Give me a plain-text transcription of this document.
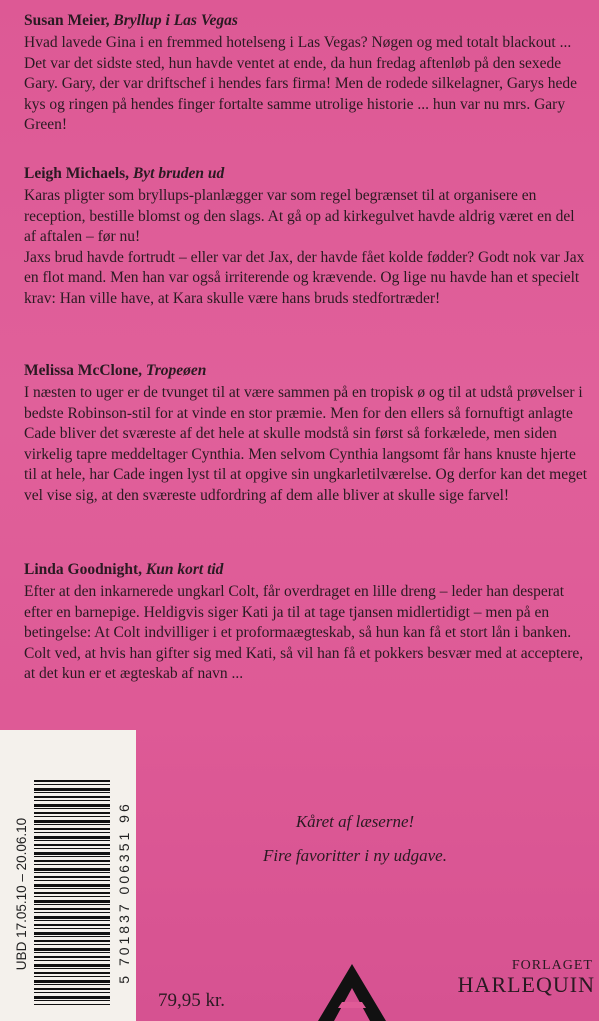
Susan Meier, Bryllup i Las Vegas

Hvad lavede Gina i en fremmed hotelseng i Las Vegas? Nøgen og med totalt blackout ... Det var det sidste sted, hun havde ventet at ende, da hun fredag aftenløb på den sexede Gary. Gary, der var driftschef i hendes fars firma! Men de rodede silkelagner, Garys hede kys og ringen på hendes finger fortalte samme utrolige historie ... hun var nu mrs. Gary Green!

Leigh Michaels, Byt bruden ud

Karas pligter som bryllups-planlægger var som regel begrænset til at organisere en reception, bestille blomst og den slags. At gå op ad kirkegulvet havde aldrig været en del af aftalen – før nu!

Jaxs brud havde fortrudt – eller var det Jax, der havde fået kolde fødder? Godt nok var Jax en flot mand. Men han var også irriterende og krævende. Og lige nu havde han et specielt krav: Han ville have, at Kara skulle være hans bruds stedfortræder!

Melissa McClone, Tropeøen

I næsten to uger er de tvunget til at være sammen på en tropisk ø og til at udstå prøvelser i bedste Robinson-stil for at vinde en stor præmie. Men for den ellers så fornuftigt anlagte Cade bliver det sværeste af det hele at skulle modstå sin først så forkælede, men siden virkelig tapre meddeltager Cynthia. Men selvom Cynthia langsomt får hans knuste hjerte til at hele, har Cade ingen lyst til at opgive sin ungkarletilværelse. Og derfor kan det meget vel vise sig, at den sværeste udfordring af dem alle bliver at skulle sige farvel!

Linda Goodnight, Kun kort tid

Efter at den inkarnerede ungkarl Colt, får overdraget en lille dreng – leder han desperat efter en barnepige. Heldigvis siger Kati ja til at tage tjansen midlertidigt – men på en betingelse: At Colt indvilliger i et proformaægteskab, så hun kan få et stort lån i banken. Colt ved, at hvis han gifter sig med Kati, så vil han få et pokkers besvær med at acceptere, at det kun er et ægteskab af navn ...

UBD 17.05.10 – 20.06.10	5 701837 006351 96	Kåret af læserne!
Fire favoritter i ny udgave.
79,95 kr.
FORLAGET
HARLEQUIN
